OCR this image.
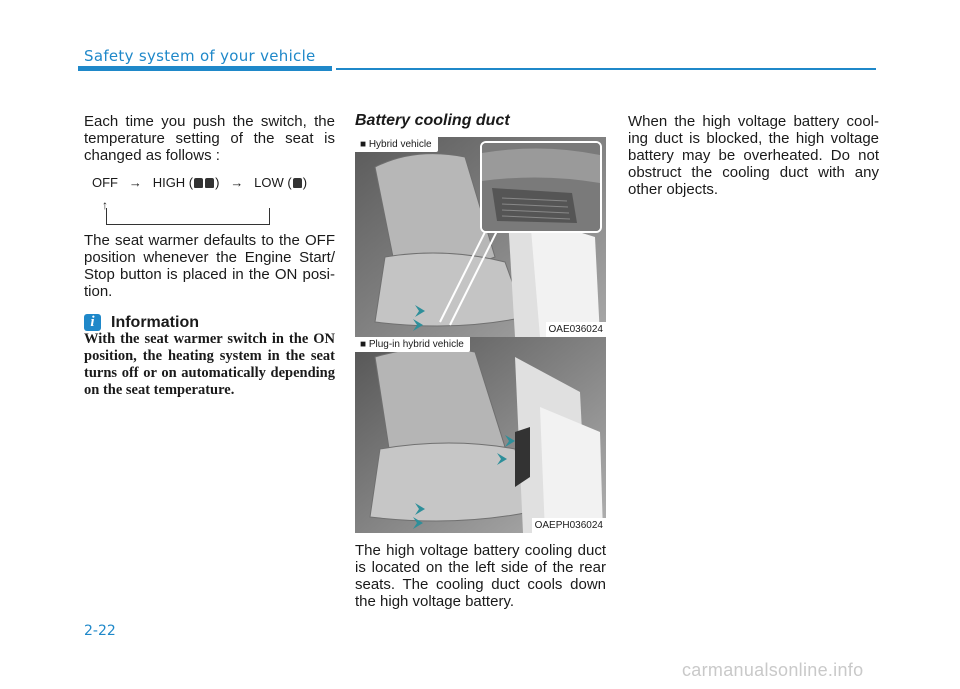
Safety system of your vehicle

Each time you push the switch, the temperature setting of the seat is changed as follows :

OFF → HIGH ( ) → LOW ( )
↑

The seat warmer defaults to the OFF position whenever the Engine Start/ Stop button is placed in the ON posi- tion.

i	Information

With the seat warmer switch in the ON position, the heating system in the seat turns off or on automatically depending on the seat temperature.

Battery cooling duct
■ Hybrid vehicle
OAE036024
■ Plug-in hybrid vehicle
OAEPH036024

The high voltage battery cooling duct is located on the left side of the rear seats. The cooling duct cools down the high voltage battery.

When the high voltage battery cool- ing duct is blocked, the high voltage battery may be overheated. Do not obstruct the cooling duct with any other objects.

2-22
carmanualsonline.info
